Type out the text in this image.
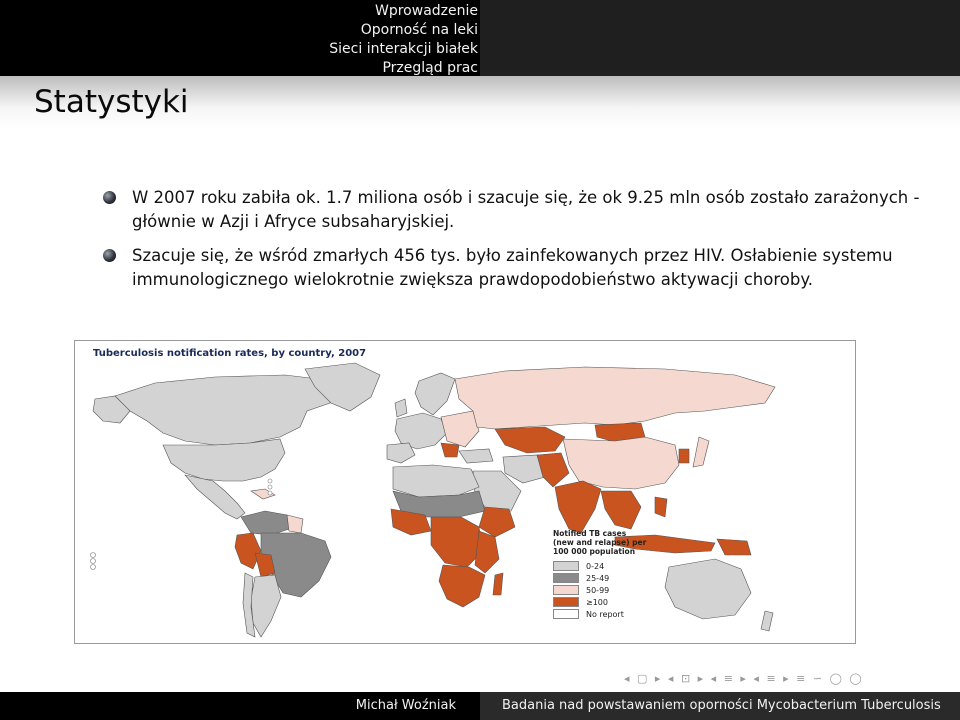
Wprowadzenie
Oporność na leki
Sieci interakcji białek
Przegląd prac
Statystyki

W 2007 roku zabiła ok. 1.7 miliona osób i szacuje się, że ok 9.25 mln osób zostało zarażonych - głównie w Azji i Afryce subsaharyjskiej.

Szacuje się, że wśród zmarłych 456 tys. było zainfekowanych przez HIV. Osłabienie systemu immunologicznego wielokrotnie zwiększa prawdopodobieństwo aktywacji choroby.

Tuberculosis notification rates, by country, 2007
Notified TB cases
(new and relapse) per
100 000 population
0-24
25-49
50-99
≥100
No report
◂ ▢ ▸ ◂ ⊡ ▸ ◂ ≡ ▸ ◂ ≡ ▸ ≡ ∽ ◯ ◯
Michał Woźniak	Badania nad powstawaniem oporności Mycobacterium Tuberculosis
